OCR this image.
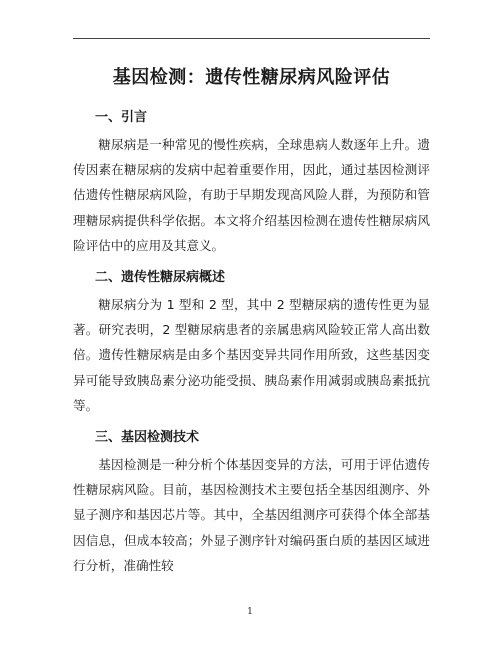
基因检测：遗传性糖尿病风险评估

一、引言

糖尿病是一种常见的慢性疾病，全球患病人数逐年上升。遗传因素在糖尿病的发病中起着重要作用，因此，通过基因检测评估遗传性糖尿病风险，有助于早期发现高风险人群，为预防和管理糖尿病提供科学依据。本文将介绍基因检测在遗传性糖尿病风险评估中的应用及其意义。

二、遗传性糖尿病概述

糖尿病分为 1 型和 2 型，其中 2 型糖尿病的遗传性更为显著。研究表明，2 型糖尿病患者的亲属患病风险较正常人高出数倍。遗传性糖尿病是由多个基因变异共同作用所致，这些基因变异可能导致胰岛素分泌功能受损、胰岛素作用减弱或胰岛素抵抗等。

三、基因检测技术

基因检测是一种分析个体基因变异的方法，可用于评估遗传性糖尿病风险。目前，基因检测技术主要包括全基因组测序、外显子测序和基因芯片等。其中，全基因组测序可获得个体全部基因信息，但成本较高；外显子测序针对编码蛋白质的基因区域进行分析，准确性较

1
